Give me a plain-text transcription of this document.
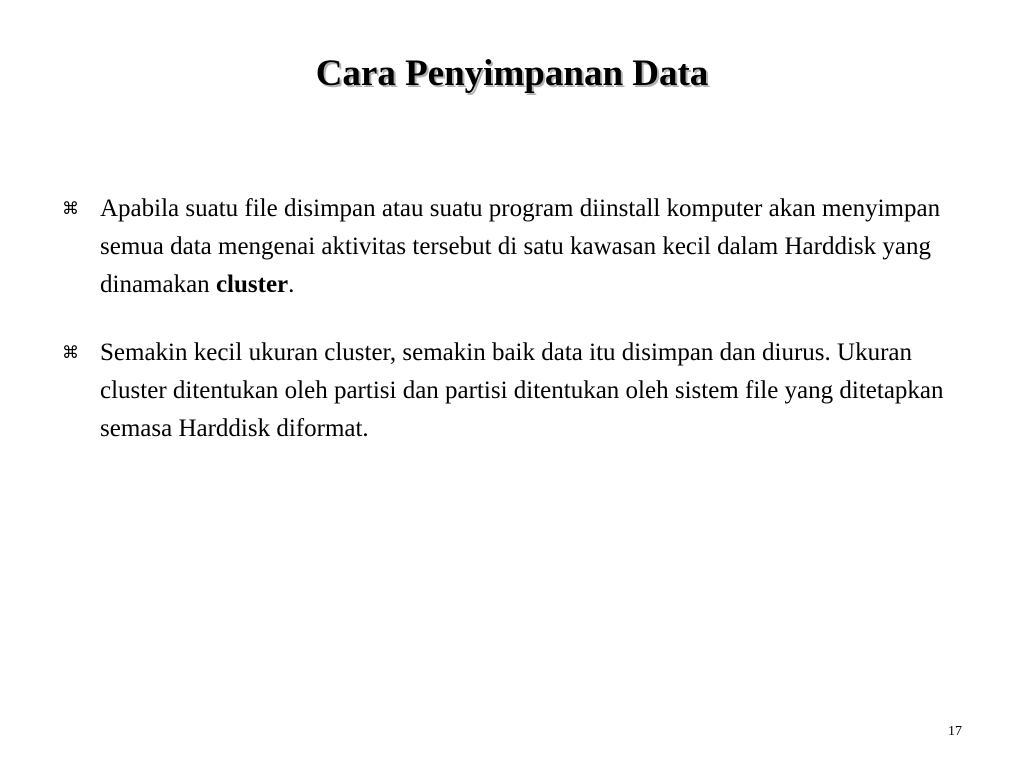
Cara Penyimpanan Data
⌘ Apabila suatu file disimpan atau suatu program diinstall komputer akan menyimpan semua data mengenai aktivitas tersebut di satu kawasan kecil dalam Harddisk yang dinamakan cluster.
⌘ Semakin kecil ukuran cluster, semakin baik data itu disimpan dan diurus. Ukuran cluster ditentukan oleh partisi dan partisi ditentukan oleh sistem file yang ditetapkan semasa Harddisk diformat.
17
